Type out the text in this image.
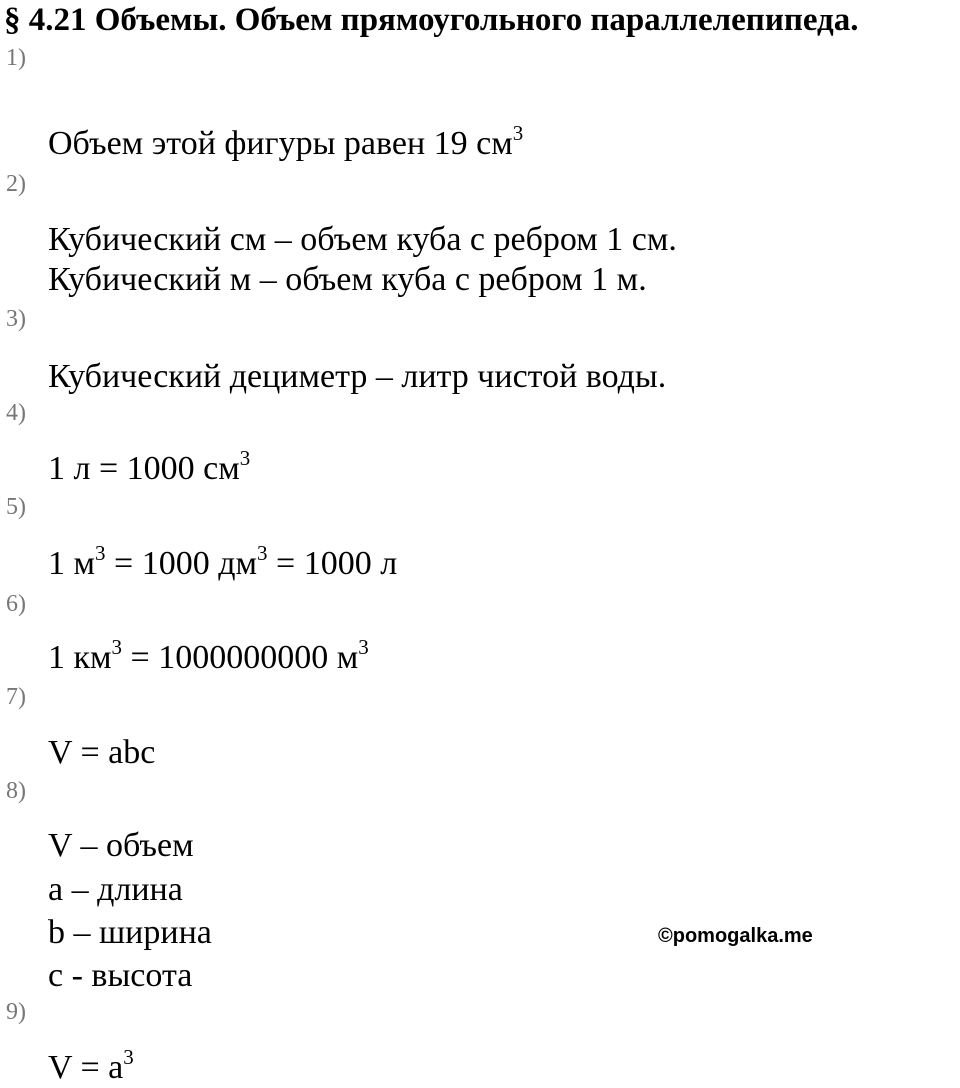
§ 4.21 Объемы. Объем прямоугольного параллелепипеда.
1)
Объем этой фигуры равен 19 $см^3$
2)
Кубический см – объем куба с ребром 1 см.
Кубический м – объем куба с ребром 1 м.
3)
Кубический дециметр – литр чистой воды.
4)
1 л = 1000 $см^3$
5)
1 $м^3 = 1000$ $дм^3 = 1000$ л
6)
1 $км^3 = 1000000000$ $м^3$
7)
V = abc
8)
V – объем
a – длина
b – ширина
c - высота
9)
$V = a^3$
©pomogalka.me
